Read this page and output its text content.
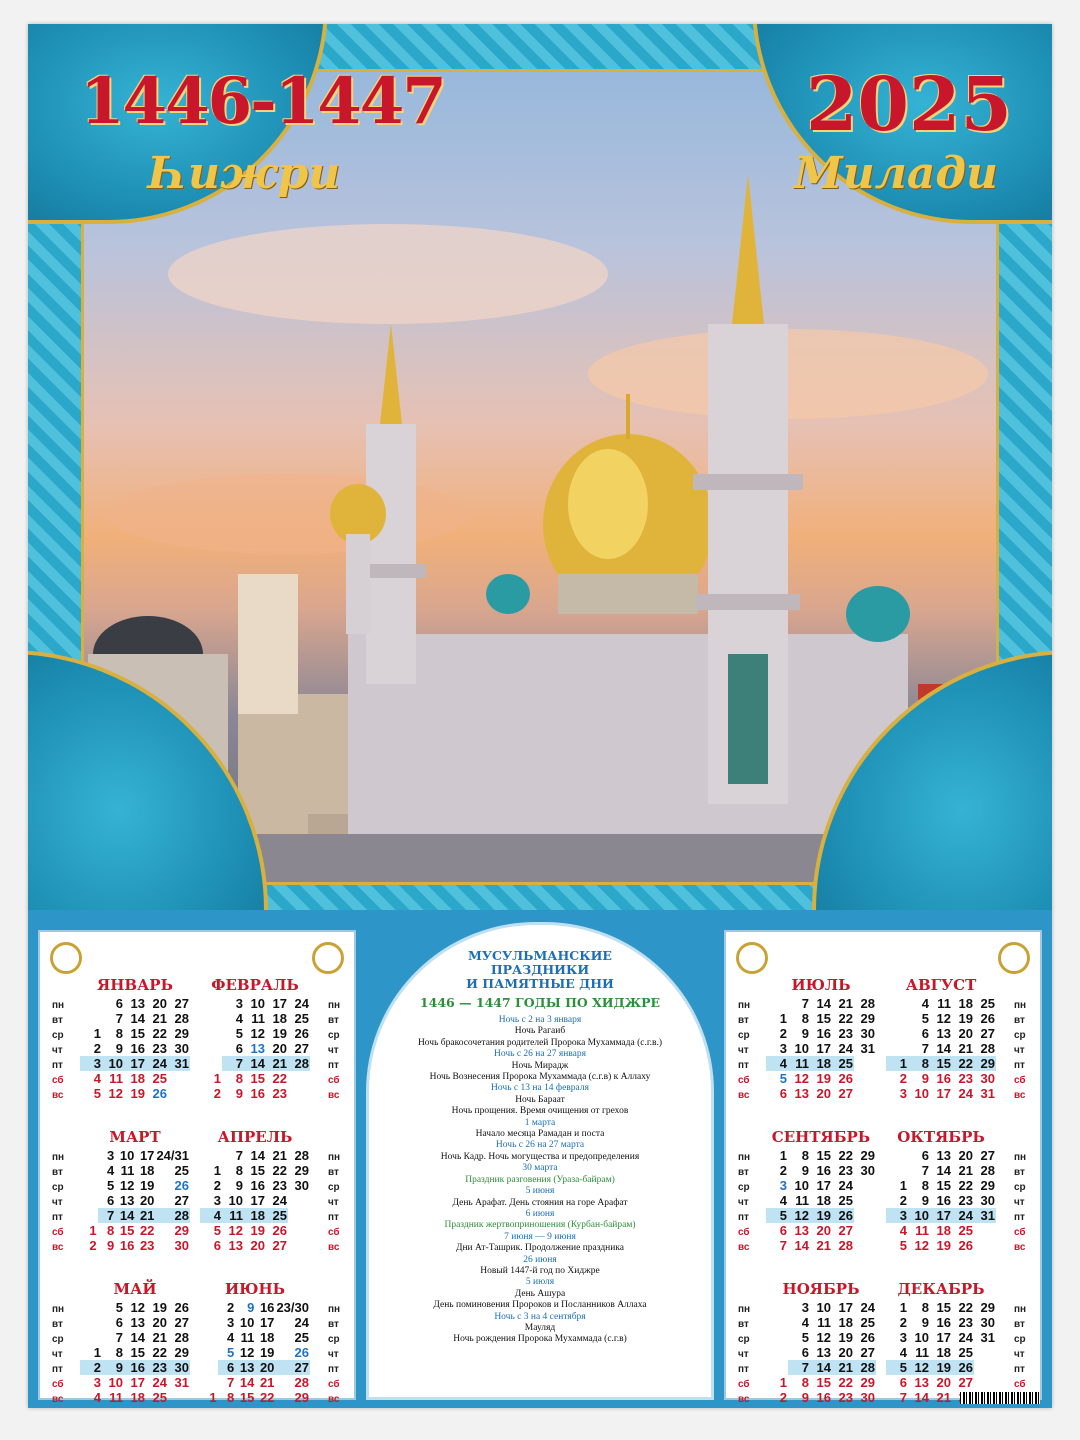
1446-1447
Һижри
2025
Милади
пн
вт
ср
чт
пт
сб
вс
ЯНВАРЬ
	6	13	20	27
	7	14	21	28
1	8	15	22	29
2	9	16	23	30
3	10	17	24	31
4	11	18	25	
5	12	19	26	
ФЕВРАЛЬ
	3	10	17	24
	4	11	18	25
	5	12	19	26
	6	13	20	27
	7	14	21	28
1	8	15	22	
2	9	16	23	
пн
вт
ср
чт
пт
сб
вс
пн
вт
ср
чт
пт
сб
вс
МАРТ
	3	10	17	24/31
	4	11	18	25
	5	12	19	26
	6	13	20	27
	7	14	21	28
1	8	15	22	29
2	9	16	23	30
АПРЕЛЬ
	7	14	21	28
1	8	15	22	29
2	9	16	23	30
3	10	17	24	
4	11	18	25	
5	12	19	26	
6	13	20	27	
пн
вт
ср
чт
пт
сб
вс
пн
вт
ср
чт
пт
сб
вс
МАЙ
	5	12	19	26
	6	13	20	27
	7	14	21	28
1	8	15	22	29
2	9	16	23	30
3	10	17	24	31
4	11	18	25	
ИЮНЬ
	2	9	16	23/30
	3	10	17	24
	4	11	18	25
	5	12	19	26
	6	13	20	27
	7	14	21	28
1	8	15	22	29
пн
вт
ср
чт
пт
сб
вс
МУСУЛЬМАНСКИЕ
ПРАЗДНИКИ
И ПАМЯТНЫЕ ДНИ
1446 — 1447 ГОДЫ ПО ХИДЖРЕ
Ночь с 2 на 3 января
Ночь Рагаиб
Ночь бракосочетания родителей Пророка Мухаммада (с.г.в.)
Ночь с 26 на 27 января
Ночь Мирадж
Ночь Вознесения Пророка Мухаммада (с.г.в) к Аллаху
Ночь с 13 на 14 февраля
Ночь Бараат
Ночь прощения. Время очищения от грехов
1 марта
Начало месяца Рамадан и поста
Ночь с 26 на 27 марта
Ночь Кадр. Ночь могущества и предопределения
30 марта
Праздник разговения (Ураза-байрам)
5 июня
День Арафат. День стояния на горе Арафат
6 июня
Праздник жертвоприношения (Курбан-байрам)
7 июня — 9 июня
Дни Ат-Ташрик. Продолжение праздника
26 июня
Новый 1447-й год по Хиджре
5 июля
День Ашура
День поминовения Пророков и Посланников Аллаха
Ночь с 3 на 4 сентября
Мауляд
Ночь рождения Пророка Мухаммада (с.г.в)
пн
вт
ср
чт
пт
сб
вс
ИЮЛЬ
	7	14	21	28
1	8	15	22	29
2	9	16	23	30
3	10	17	24	31
4	11	18	25	
5	12	19	26	
6	13	20	27	
АВГУСТ
	4	11	18	25
	5	12	19	26
	6	13	20	27
	7	14	21	28
1	8	15	22	29
2	9	16	23	30
3	10	17	24	31
пн
вт
ср
чт
пт
сб
вс
пн
вт
ср
чт
пт
сб
вс
СЕНТЯБРЬ
1	8	15	22	29
2	9	16	23	30
3	10	17	24	
4	11	18	25	
5	12	19	26	
6	13	20	27	
7	14	21	28	
ОКТЯБРЬ
	6	13	20	27
	7	14	21	28
1	8	15	22	29
2	9	16	23	30
3	10	17	24	31
4	11	18	25	
5	12	19	26	
пн
вт
ср
чт
пт
сб
вс
пн
вт
ср
чт
пт
сб
вс
НОЯБРЬ
	3	10	17	24
	4	11	18	25
	5	12	19	26
	6	13	20	27
	7	14	21	28
1	8	15	22	29
2	9	16	23	30
ДЕКАБРЬ
1	8	15	22	29
2	9	16	23	30
3	10	17	24	31
4	11	18	25	
5	12	19	26	
6	13	20	27	
7	14	21		
пн
вт
ср
чт
пт
сб
